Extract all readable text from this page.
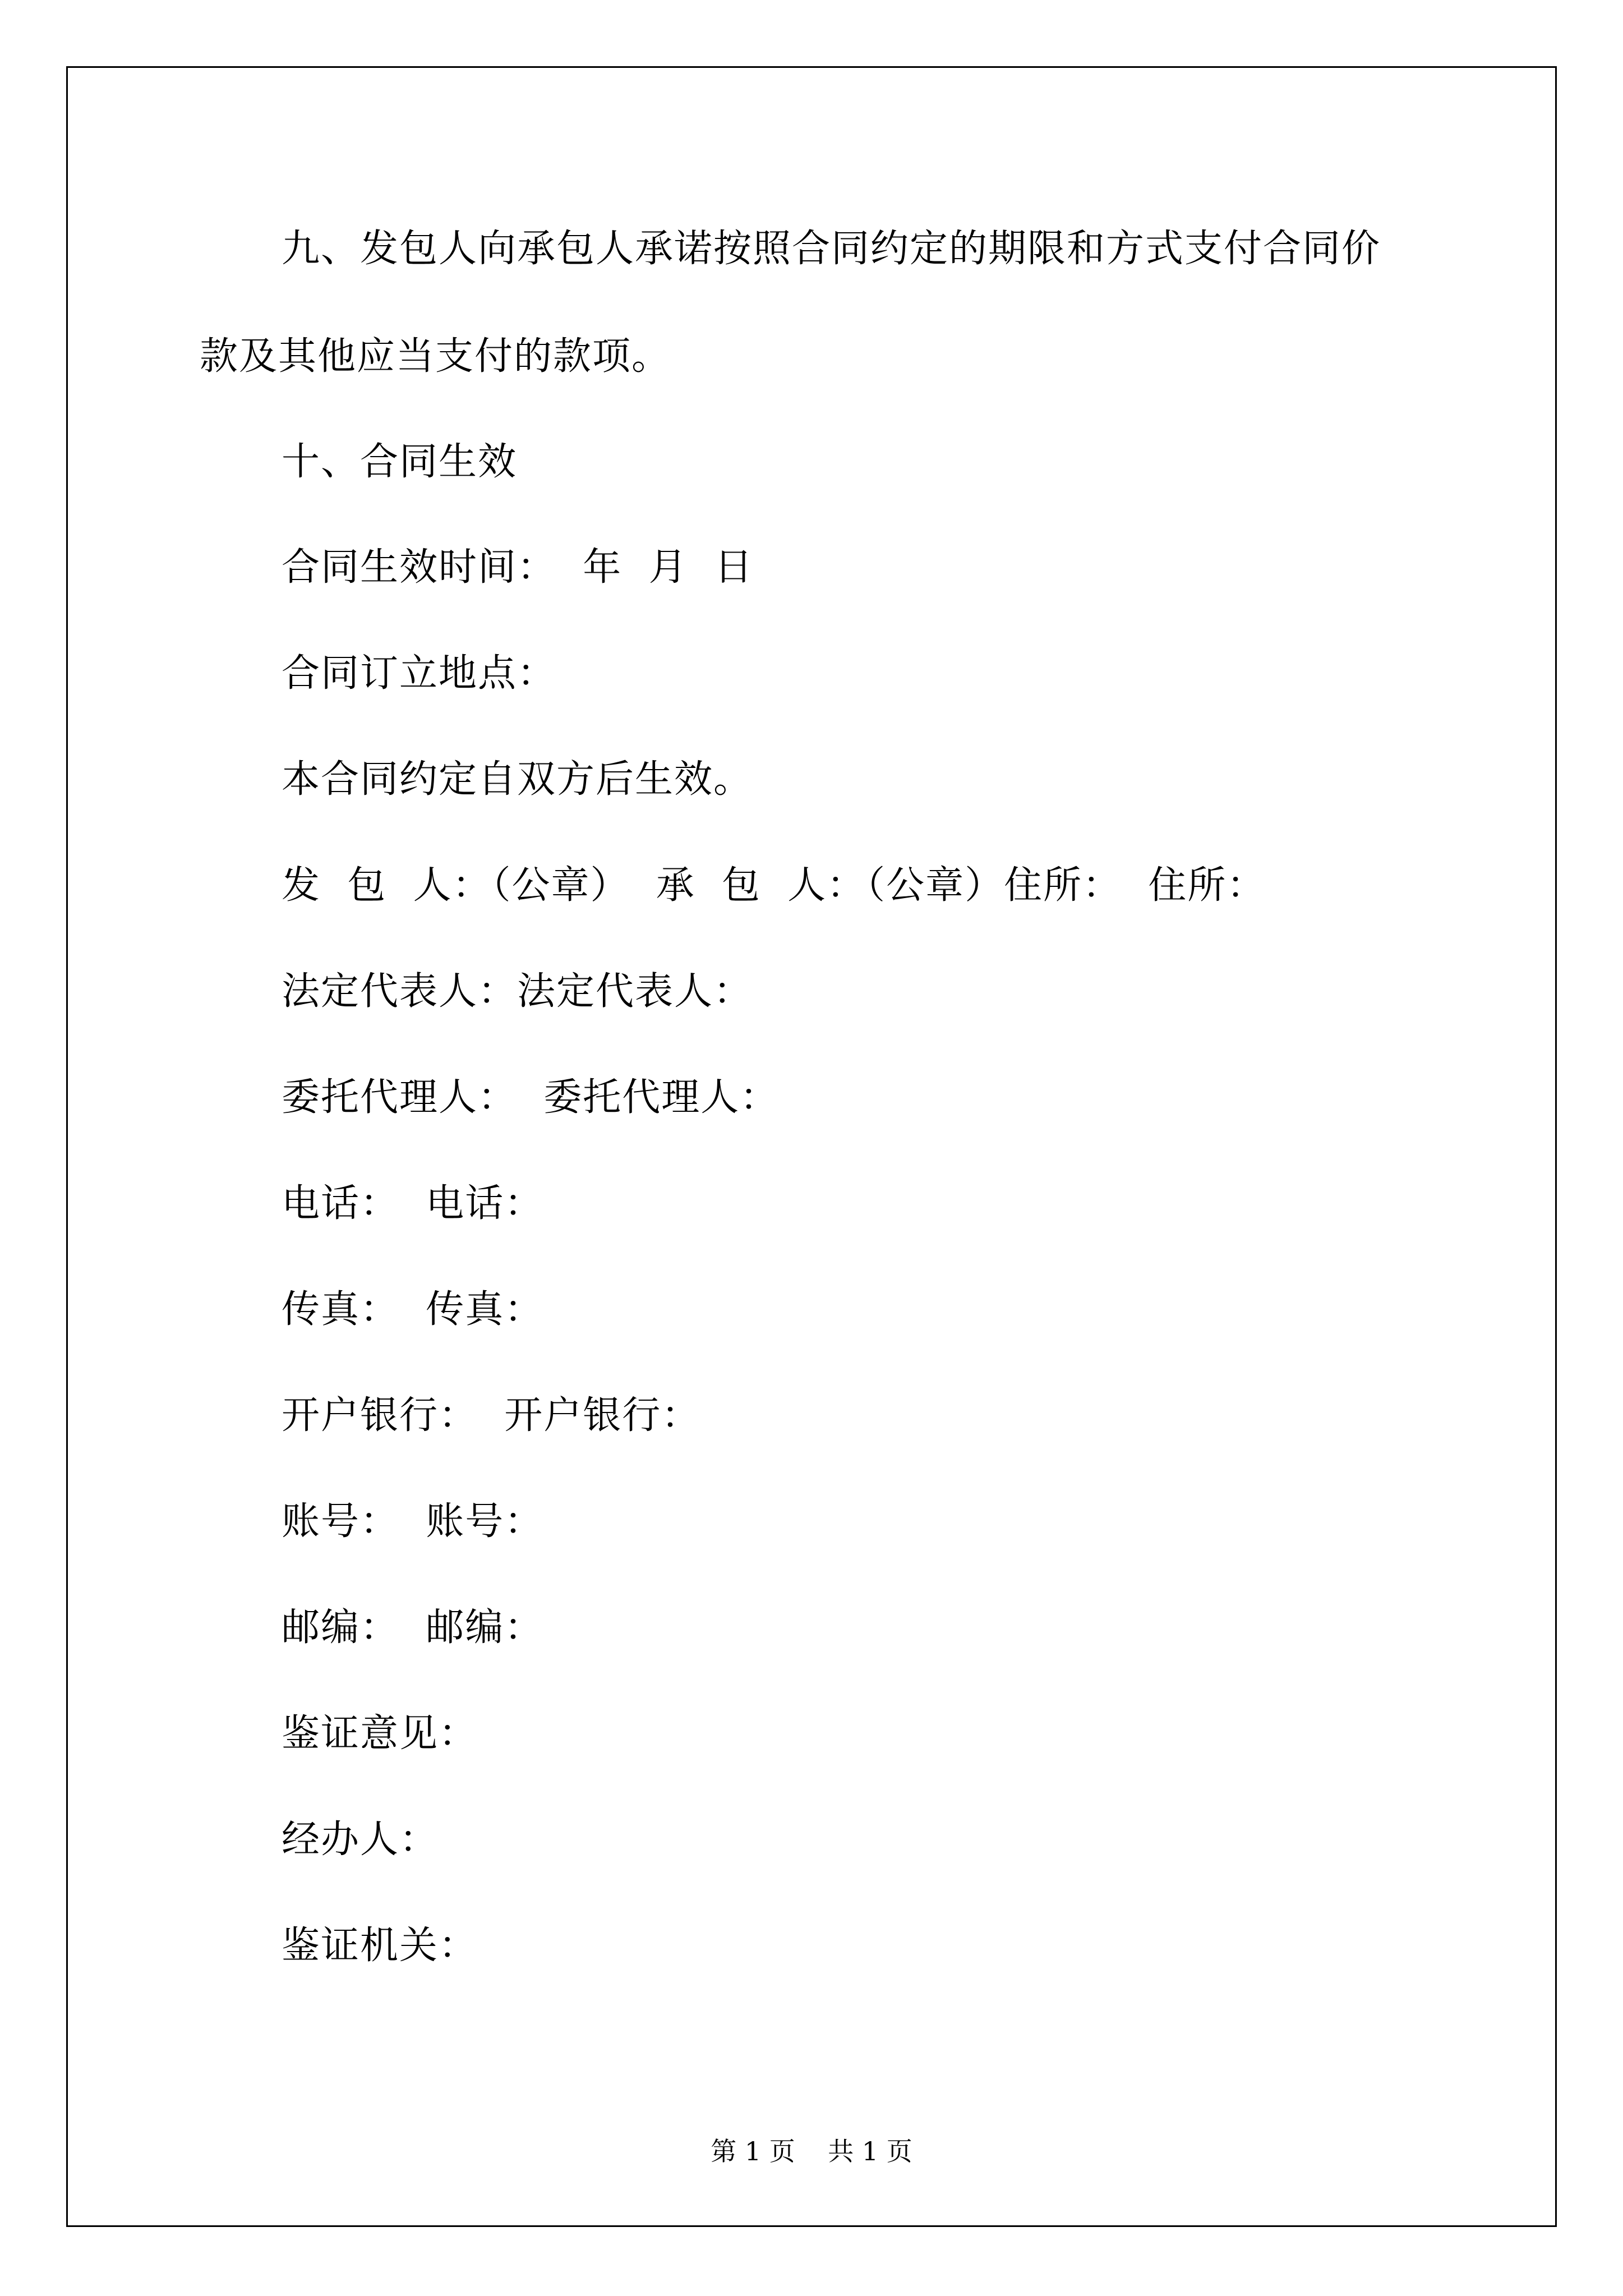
九、发包人向承包人承诺按照合同约定的期限和方式支付合同价
款及其他应当支付的款项。
十、合同生效
合同生效时间：  年  月  日
合同订立地点：
本合同约定自双方后生效。
发  包  人：（公章）  承  包  人：（公章）住所：  住所：
法定代表人：法定代表人：
委托代理人：  委托代理人：
电话：  电话：
传真：  传真：
开户银行：  开户银行：
账号：  账号：
邮编：  邮编：
鉴证意见：
经办人：
鉴证机关：
第 1 页    共 1 页
